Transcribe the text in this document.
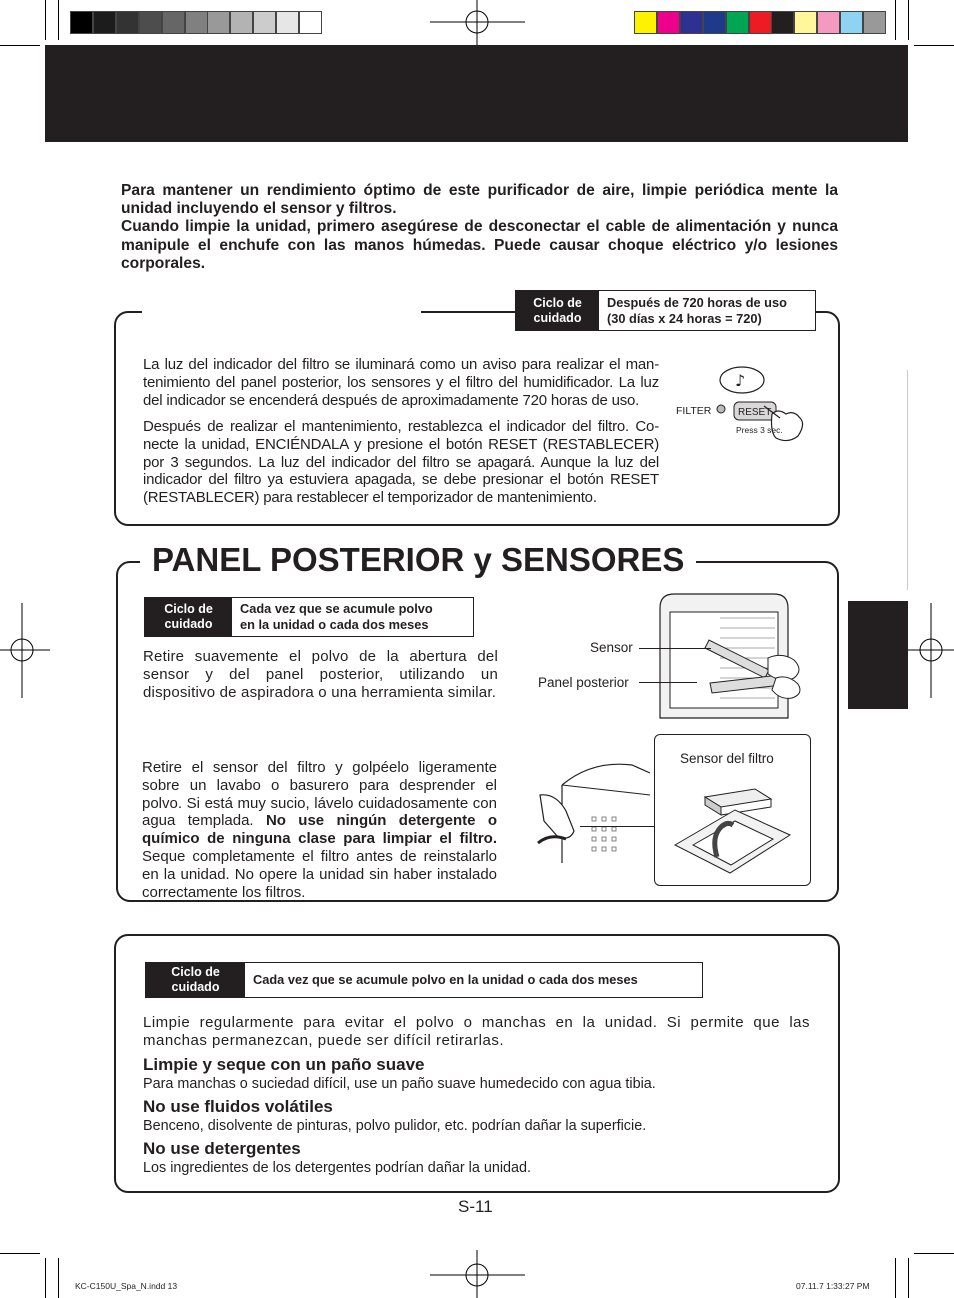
Para mantener un rendimiento óptimo de este purificador de aire, limpie periódica mente la unidad incluyendo el sensor y filtros.
Cuando limpie la unidad, primero asegúrese de desconectar el cable de alimentación y nunca manipule el enchufe con las manos húmedas. Puede causar choque eléctrico y/o lesiones corporales.
Ciclo de cuidado
Después de 720 horas de uso
(30 días x 24 horas = 720)
La luz del indicador del filtro se iluminará como un aviso para realizar el man-tenimiento del panel posterior, los sensores y el filtro del humidificador. La luz del indicador se encenderá después de aproximadamente 720 horas de uso.
Después de realizar el mantenimiento, restablezca el indicador del filtro. Co-necte la unidad, ENCIÉNDALA y presione el botón RESET (RESTABLECER) por 3 segundos. La luz del indicador del filtro se apagará. Aunque la luz del indicador del filtro ya estuviera apagada, se debe presionar el botón RESET (RESTABLECER) para restablecer el temporizador de mantenimiento.
♪
FILTER	RESET
Press 3 sec.
PANEL POSTERIOR y SENSORES
Ciclo de cuidado
Cada vez que se acumule polvo
en la unidad o cada dos meses
Retire suavemente el polvo de la abertura del sensor y del panel posterior, utilizando un dispositivo de aspiradora o una herramienta similar.
Sensor
Panel posterior
Retire el sensor del filtro y golpéelo ligeramente sobre un lavabo o basurero para desprender el polvo. Si está muy sucio, lávelo cuidadosamente con agua templada. No use ningún detergente o químico de ninguna clase para limpiar el filtro. Seque completamente el filtro antes de reinstalarlo en la unidad. No opere la unidad sin haber instalado correctamente los filtros.
Sensor del filtro
Ciclo de cuidado	Cada vez que se acumule polvo en la unidad o cada dos meses
Limpie regularmente para evitar el polvo o manchas en la unidad. Si permite que las manchas permanezcan, puede ser difícil retirarlas.
Limpie y seque con un paño suave
Para manchas o suciedad difícil, use un paño suave humedecido con agua tibia.
No use fluidos volátiles
Benceno, disolvente de pinturas, polvo pulidor, etc. podrían dañar la superficie.
No use detergentes
Los ingredientes de los detergentes podrían dañar la unidad.
S-11
KC-C150U_Spa_N.indd 13	07.11.7 1:33:27 PM
